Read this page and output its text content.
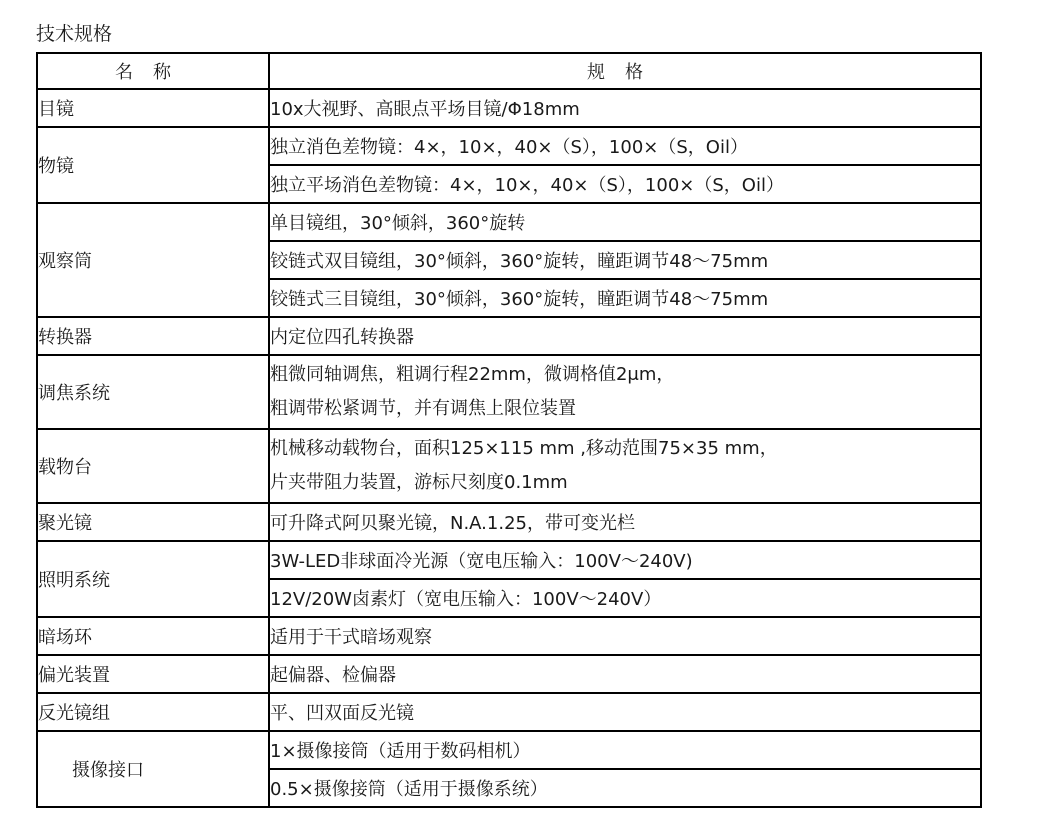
技术规格
名称	规格
目镜	10x大视野、高眼点平场目镜/Φ18mm
物镜	独立消色差物镜：4×，10×，40×（S），100×（S，Oil）
	独立平场消色差物镜：4×，10×，40×（S），100×（S，Oil）
观察筒	单目镜组，30°倾斜，360°旋转
	铰链式双目镜组，30°倾斜，360°旋转，瞳距调节48～75mm
	铰链式三目镜组，30°倾斜，360°旋转，瞳距调节48～75mm
转换器	内定位四孔转换器
调焦系统	粗微同轴调焦，粗调行程22mm，微调格值2μm，
粗调带松紧调节，并有调焦上限位装置

载物台	机械移动载物台，面积125×115 mm ,移动范围75×35 mm，
片夹带阻力装置，游标尺刻度0.1mm

聚光镜	可升降式阿贝聚光镜，N.A.1.25，带可变光栏
照明系统	3W-LED非球面冷光源（宽电压输入：100V～240V)
	12V/20W卤素灯（宽电压输入：100V～240V）
暗场环	适用于干式暗场观察
偏光装置	起偏器、检偏器
反光镜组	平、凹双面反光镜
摄像接口	1×摄像接筒（适用于数码相机）
	0.5×摄像接筒（适用于摄像系统）
